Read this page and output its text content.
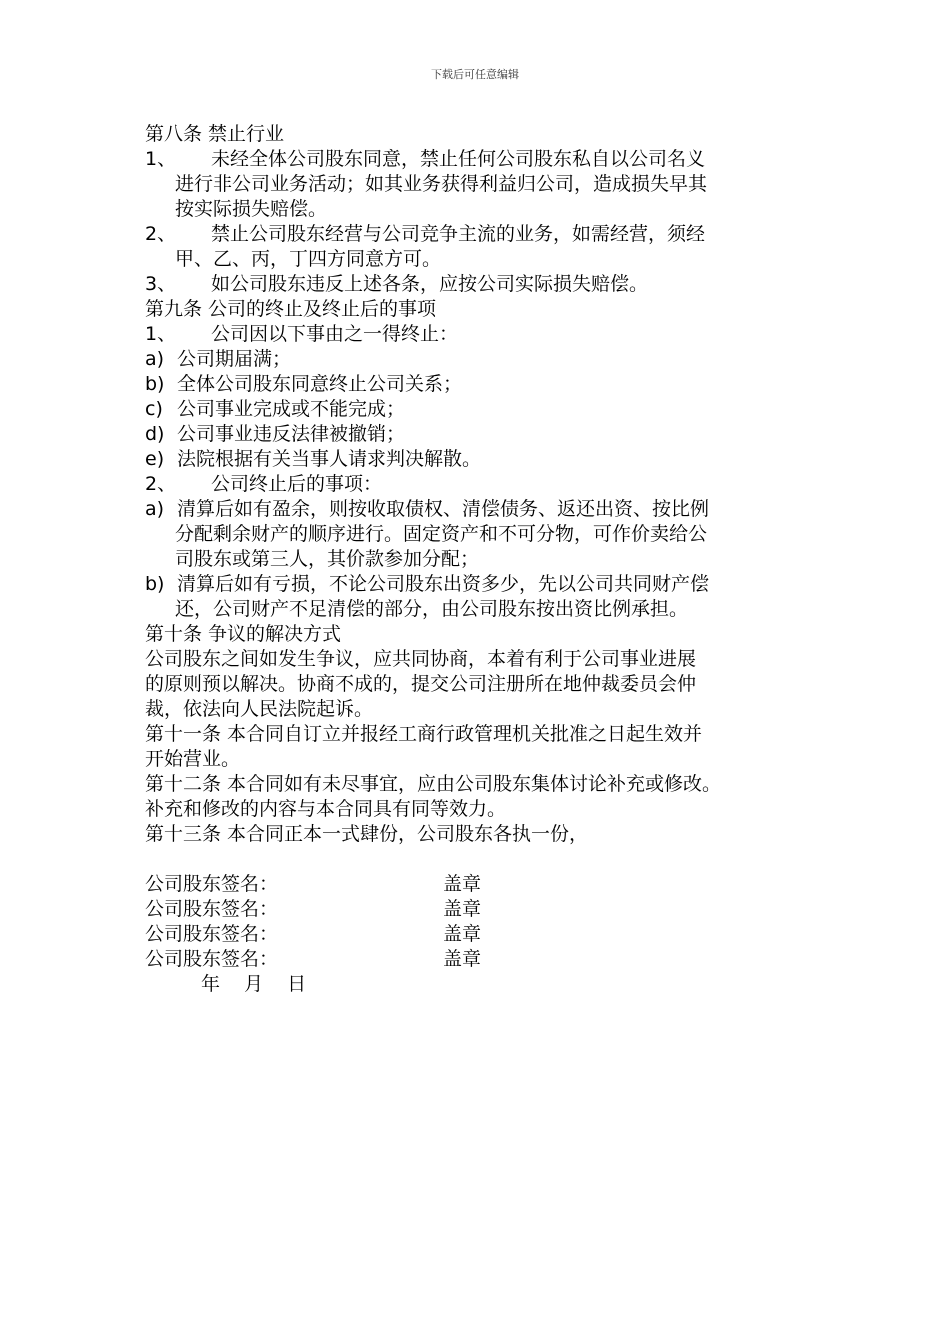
下载后可任意编辑
第八条 禁止行业
1、	未经全体公司股东同意，禁止任何公司股东私自以公司名义
进行非公司业务活动；如其业务获得利益归公司，造成损失早其
按实际损失赔偿。
2、	禁止公司股东经营与公司竞争主流的业务，如需经营，须经
甲、乙、丙，丁四方同意方可。
3、	如公司股东违反上述各条，应按公司实际损失赔偿。
第九条 公司的终止及终止后的事项
1、	公司因以下事由之一得终止：
a) 公司期届满；
b) 全体公司股东同意终止公司关系；
c) 公司事业完成或不能完成；
d) 公司事业违反法律被撤销；
e) 法院根据有关当事人请求判决解散。
2、	公司终止后的事项：
a) 清算后如有盈余，则按收取债权、清偿债务、返还出资、按比例
分配剩余财产的顺序进行。固定资产和不可分物，可作价卖给公
司股东或第三人，其价款参加分配；
b) 清算后如有亏损，不论公司股东出资多少，先以公司共同财产偿
还，公司财产不足清偿的部分，由公司股东按出资比例承担。
第十条 争议的解决方式
公司股东之间如发生争议，应共同协商，本着有利于公司事业进展
的原则预以解决。协商不成的，提交公司注册所在地仲裁委员会仲
裁，依法向人民法院起诉。
第十一条 本合同自订立并报经工商行政管理机关批准之日起生效并
开始营业。
第十二条 本合同如有未尽事宜，应由公司股东集体讨论补充或修改。
补充和修改的内容与本合同具有同等效力。
第十三条 本合同正本一式肆份，公司股东各执一份，
公司股东签名：	盖章
公司股东签名：	盖章
公司股东签名：	盖章
公司股东签名：	盖章
年 月 日
